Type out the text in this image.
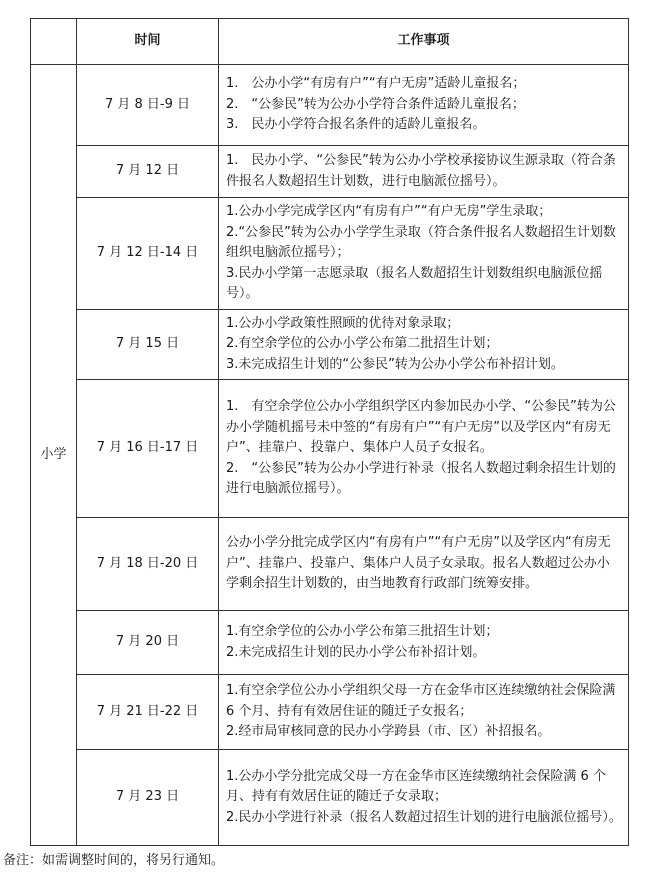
	时间	工作事项
小学	7 月 8 日-9 日	1.　公办小学“有房有户”“有户无房”适龄儿童报名；
2.　“公参民”转为公办小学符合条件适龄儿童报名；
3.　民办小学符合报名条件的适龄儿童报名。

	7 月 12 日	1.　民办小学、“公参民”转为公办小学校承接协议生源录取（符合条件报名人数超招生计划数，进行电脑派位摇号）。

	7 月 12 日-14 日	1.公办小学完成学区内“有房有户”“有户无房”学生录取；
2.“公参民”转为公办小学学生录取（符合条件报名人数超招生计划数组织电脑派位摇号）；
3.民办小学第一志愿录取（报名人数超招生计划数组织电脑派位摇号）。

	7 月 15 日	1.公办小学政策性照顾的优待对象录取；
2.有空余学位的公办小学公布第二批招生计划；
3.未完成招生计划的“公参民”转为公办小学公布补招计划。

	7 月 16 日-17 日	1.　有空余学位公办小学组织学区内参加民办小学、“公参民”转为公办小学随机摇号未中签的“有房有户”“有户无房”以及学区内“有房无户”、挂靠户、投靠户、集体户人员子女报名。
2.　“公参民”转为公办小学进行补录（报名人数超过剩余招生计划的进行电脑派位摇号）。

	7 月 18 日-20 日	公办小学分批完成学区内“有房有户”“有户无房”以及学区内“有房无户”、挂靠户、投靠户、集体户人员子女录取。报名人数超过公办小学剩余招生计划数的，由当地教育行政部门统筹安排。

	7 月 20 日	1.有空余学位的公办小学公布第三批招生计划；
2.未完成招生计划的民办小学公布补招计划。

	7 月 21 日-22 日	1.有空余学位公办小学组织父母一方在金华市区连续缴纳社会保险满 6 个月、持有有效居住证的随迁子女报名；
2.经市局审核同意的民办小学跨县（市、区）补招报名。

	7 月 23 日	1.公办小学分批完成父母一方在金华市区连续缴纳社会保险满 6 个月、持有有效居住证的随迁子女录取；
2.民办小学进行补录（报名人数超过招生计划的进行电脑派位摇号）。
备注：如需调整时间的，将另行通知。
